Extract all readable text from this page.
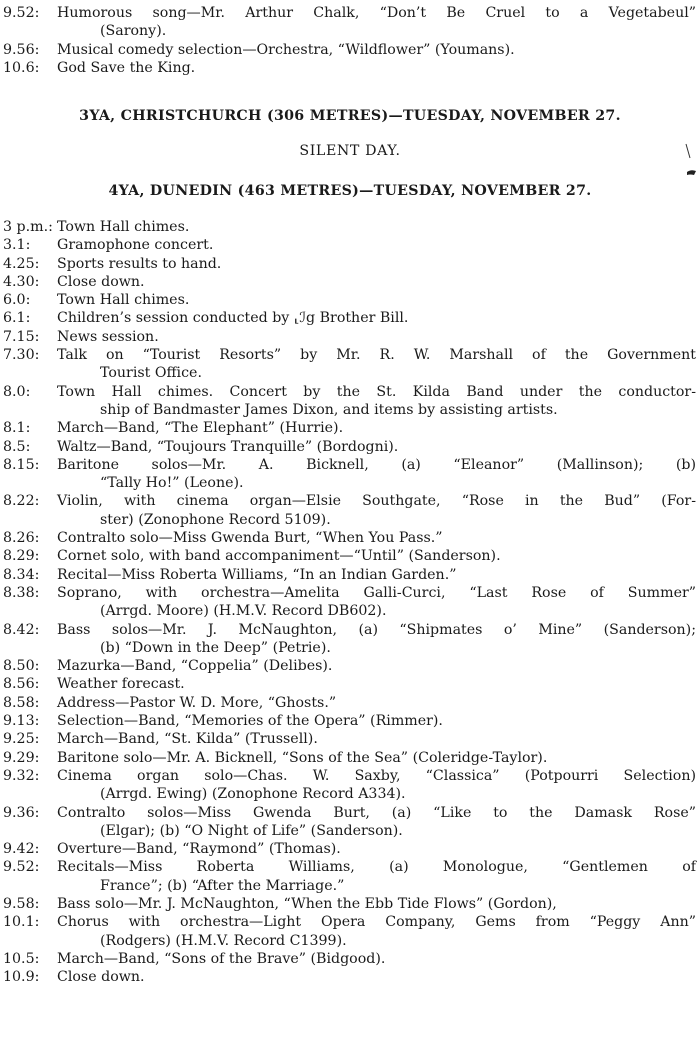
9.52: Humorous song—Mr. Arthur Chalk, “Don’t Be Cruel to a Vegetabeul”
(Sarony).
9.56: Musical comedy selection—Orchestra, “Wildflower” (Youmans).
10.6: God Save the King.
3YA, CHRISTCHURCH (306 METRES)—TUESDAY, NOVEMBER 27.
SILENT DAY.
4YA, DUNEDIN (463 METRES)—TUESDAY, NOVEMBER 27.
3 p.m.: Town Hall chimes.
3.1: Gramophone concert.
4.25: Sports results to hand.
4.30: Close down.
6.0: Town Hall chimes.
6.1: Children’s session conducted by ⸤ℐg Brother Bill.
7.15: News session.
7.30: Talk on “Tourist Resorts” by Mr. R. W. Marshall of the Government
Tourist Office.
8.0: Town Hall chimes. Concert by the St. Kilda Band under the conductor-
ship of Bandmaster James Dixon, and items by assisting artists.
8.1: March—Band, “The Elephant” (Hurrie).
8.5: Waltz—Band, “Toujours Tranquille” (Bordogni).
8.15: Baritone solos—Mr. A. Bicknell, (a) “Eleanor” (Mallinson); (b)
“Tally Ho!” (Leone).
8.22: Violin, with cinema organ—Elsie Southgate, “Rose in the Bud” (For-
ster) (Zonophone Record 5109).
8.26: Contralto solo—Miss Gwenda Burt, “When You Pass.”
8.29: Cornet solo, with band accompaniment—“Until” (Sanderson).
8.34: Recital—Miss Roberta Williams, “In an Indian Garden.”
8.38: Soprano, with orchestra—Amelita Galli-Curci, “Last Rose of Summer”
(Arrgd. Moore) (H.M.V. Record DB602).
8.42: Bass solos—Mr. J. McNaughton, (a) “Shipmates o’ Mine” (Sanderson);
(b) “Down in the Deep” (Petrie).
8.50: Mazurka—Band, “Coppelia” (Delibes).
8.56: Weather forecast.
8.58: Address—Pastor W. D. More, “Ghosts.”
9.13: Selection—Band, “Memories of the Opera” (Rimmer).
9.25: March—Band, “St. Kilda” (Trussell).
9.29: Baritone solo—Mr. A. Bicknell, “Sons of the Sea” (Coleridge-Taylor).
9.32: Cinema organ solo—Chas. W. Saxby, “Classica” (Potpourri Selection)
(Arrgd. Ewing) (Zonophone Record A334).
9.36: Contralto solos—Miss Gwenda Burt, (a) “Like to the Damask Rose”
(Elgar); (b) “O Night of Life” (Sanderson).
9.42: Overture—Band, “Raymond” (Thomas).
9.52: Recitals—Miss Roberta Williams, (a) Monologue, “Gentlemen of
France”; (b) “After the Marriage.”
9.58: Bass solo—Mr. J. McNaughton, “When the Ebb Tide Flows” (Gordon),
10.1: Chorus with orchestra—Light Opera Company, Gems from “Peggy Ann”
(Rodgers) (H.M.V. Record C1399).
10.5: March—Band, “Sons of the Brave” (Bidgood).
10.9: Close down.
